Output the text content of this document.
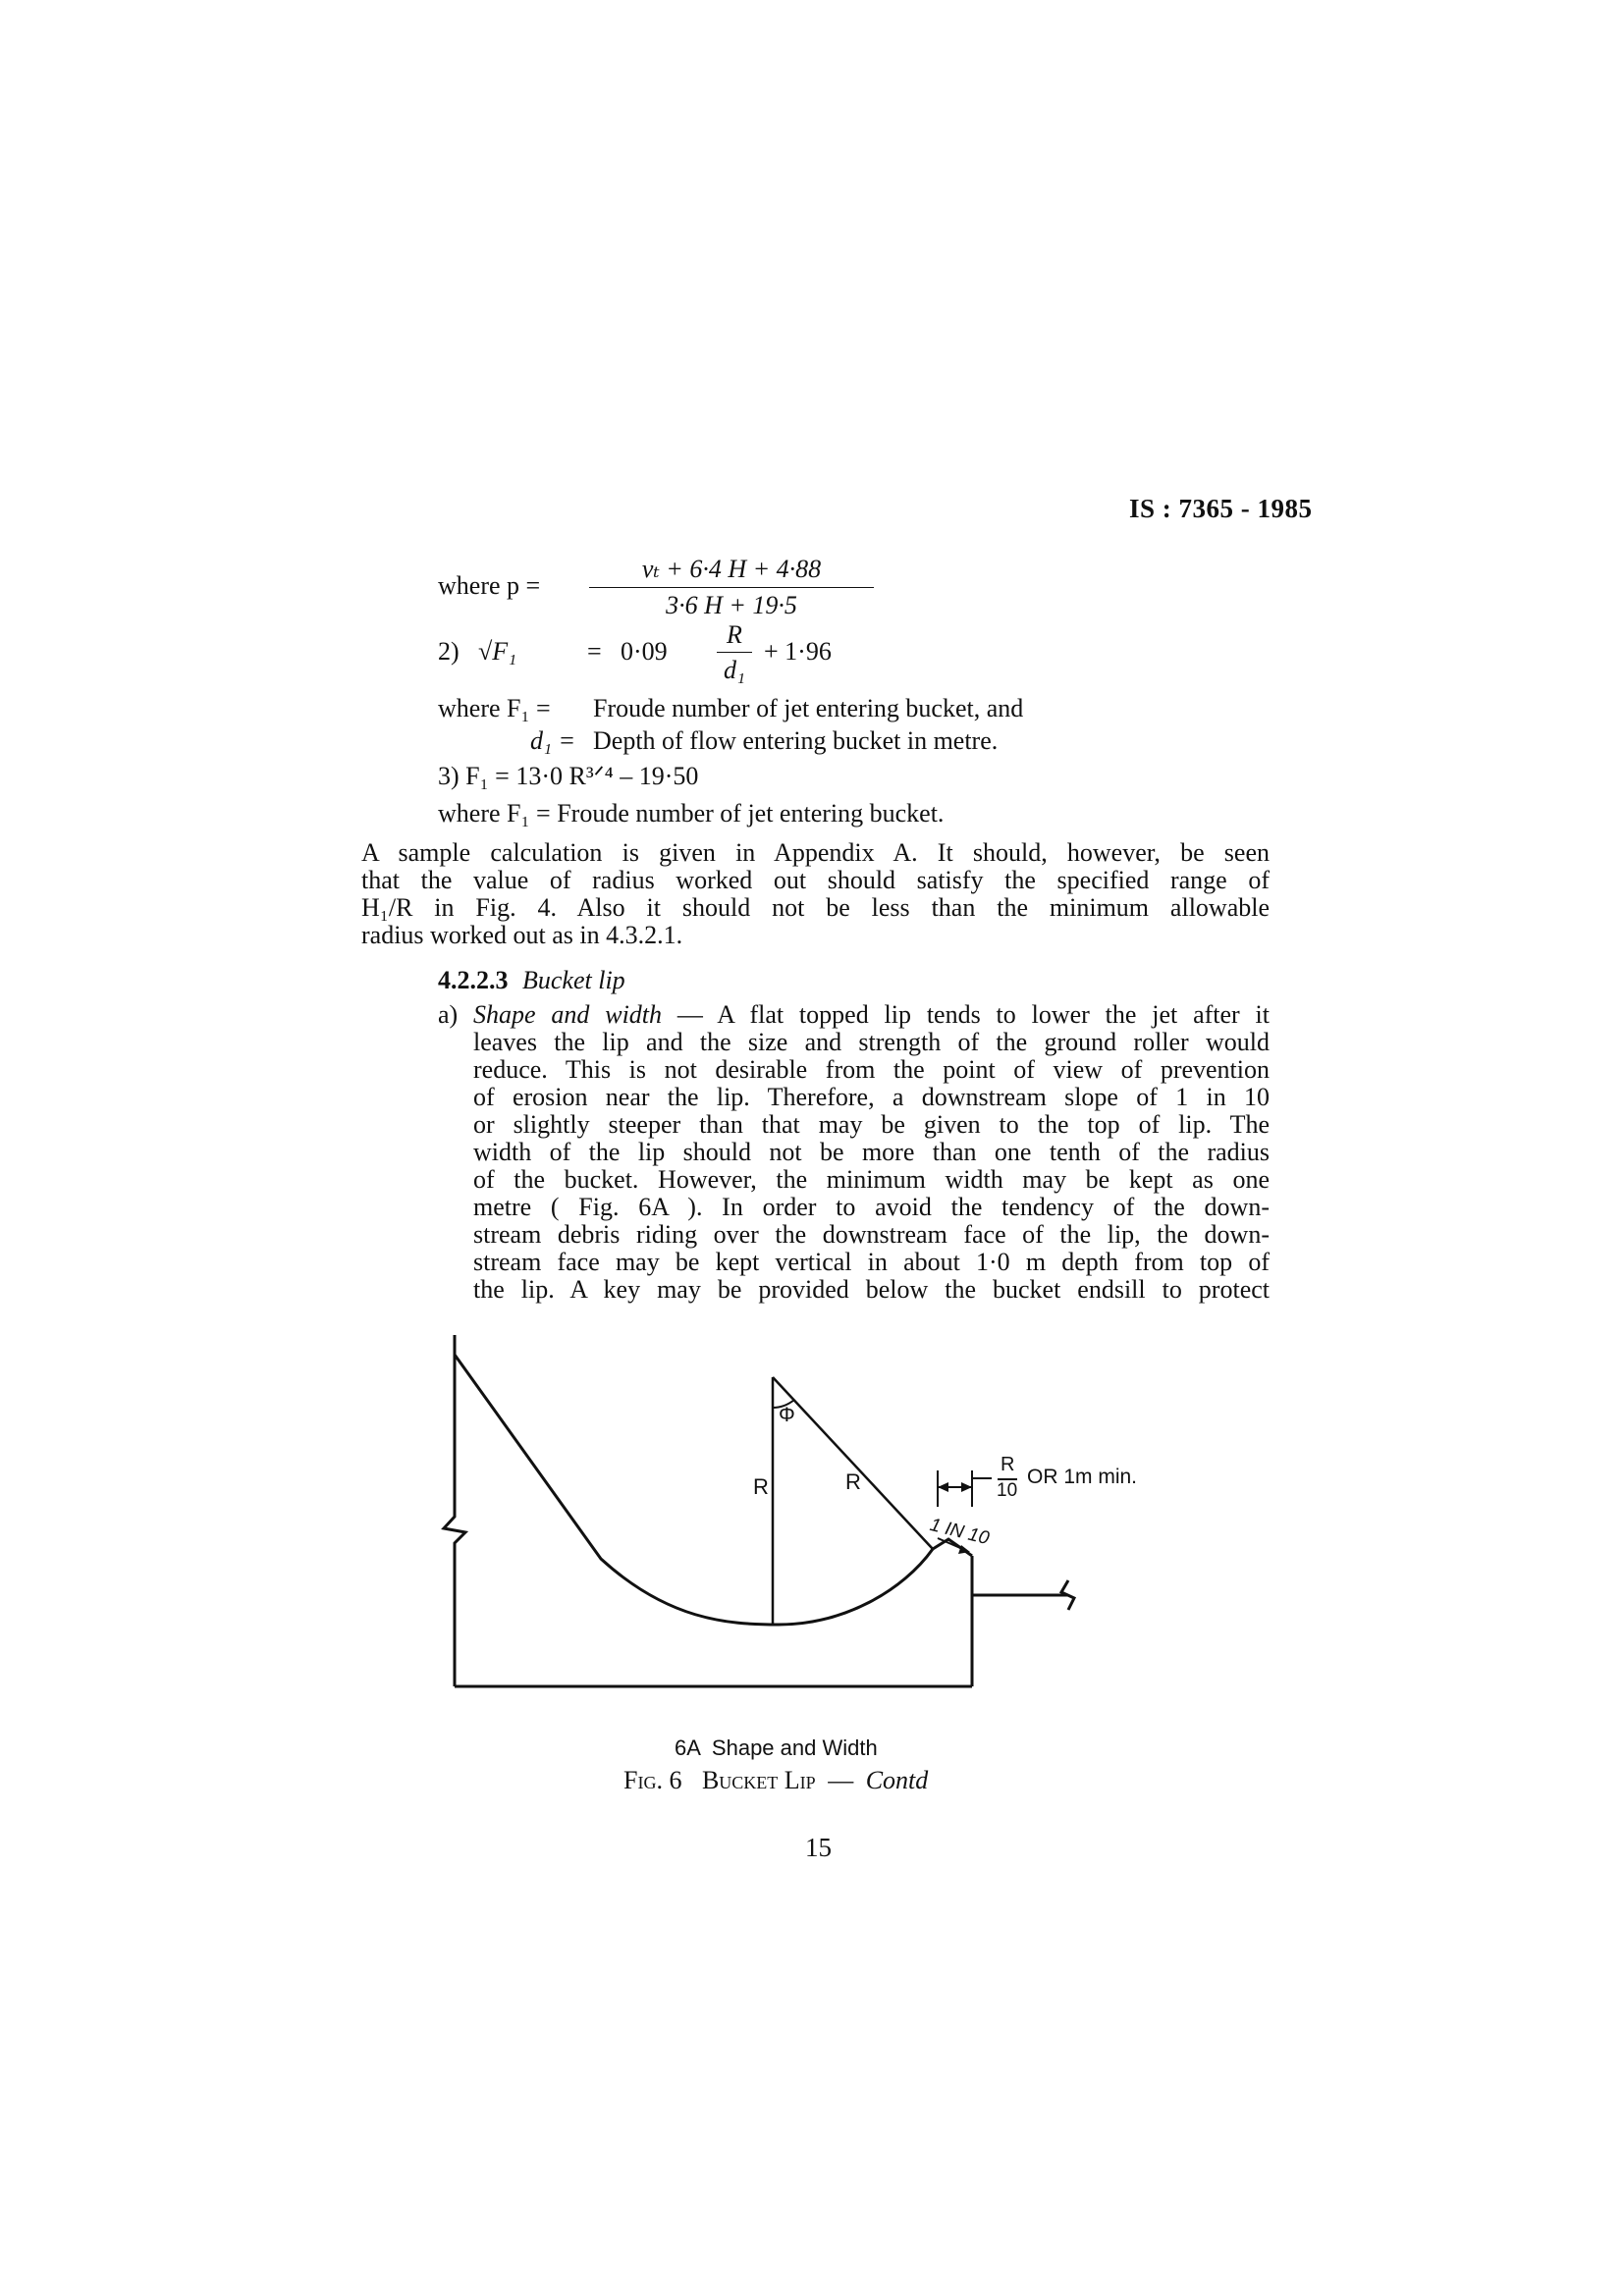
IS : 7365 - 1985
where p =
vₜ + 6·4 H + 4·88
3·6 H + 19·5
2) √F₁	= 0·09
R
d₁
+ 1·96
where F₁ = Froude number of jet entering bucket, and
d₁ = Depth of flow entering bucket in metre.
3) F₁ = 13·0 R³ᐟ⁴ – 19·50
where F₁ = Froude number of jet entering bucket.
A sample calculation is given in Appendix A. It should, however, be seen
that the value of radius worked out should satisfy the specified range of
H₁/R in Fig. 4. Also it should not be less than the minimum allowable
radius worked out as in 4.3.2.1.
4.2.2.3 Bucket lip
a) Shape and width — A flat topped lip tends to lower the jet after it
leaves the lip and the size and strength of the ground roller would
reduce. This is not desirable from the point of view of prevention
of erosion near the lip. Therefore, a downstream slope of 1 in 10
or slightly steeper than that may be given to the top of lip. The
width of the lip should not be more than one tenth of the radius
of the bucket. However, the minimum width may be kept as one
metre ( Fig. 6A ). In order to avoid the tendency of the down-
stream debris riding over the downstream face of the lip, the down-
stream face may be kept vertical in about 1·0 m depth from top of
the lip. A key may be provided below the bucket endsill to protect
R	R
Φ
R
10
OR 1m min.
1 IN 10
6A  Shape and Width
Fig. 6 Bucket Lip — Contd
15
